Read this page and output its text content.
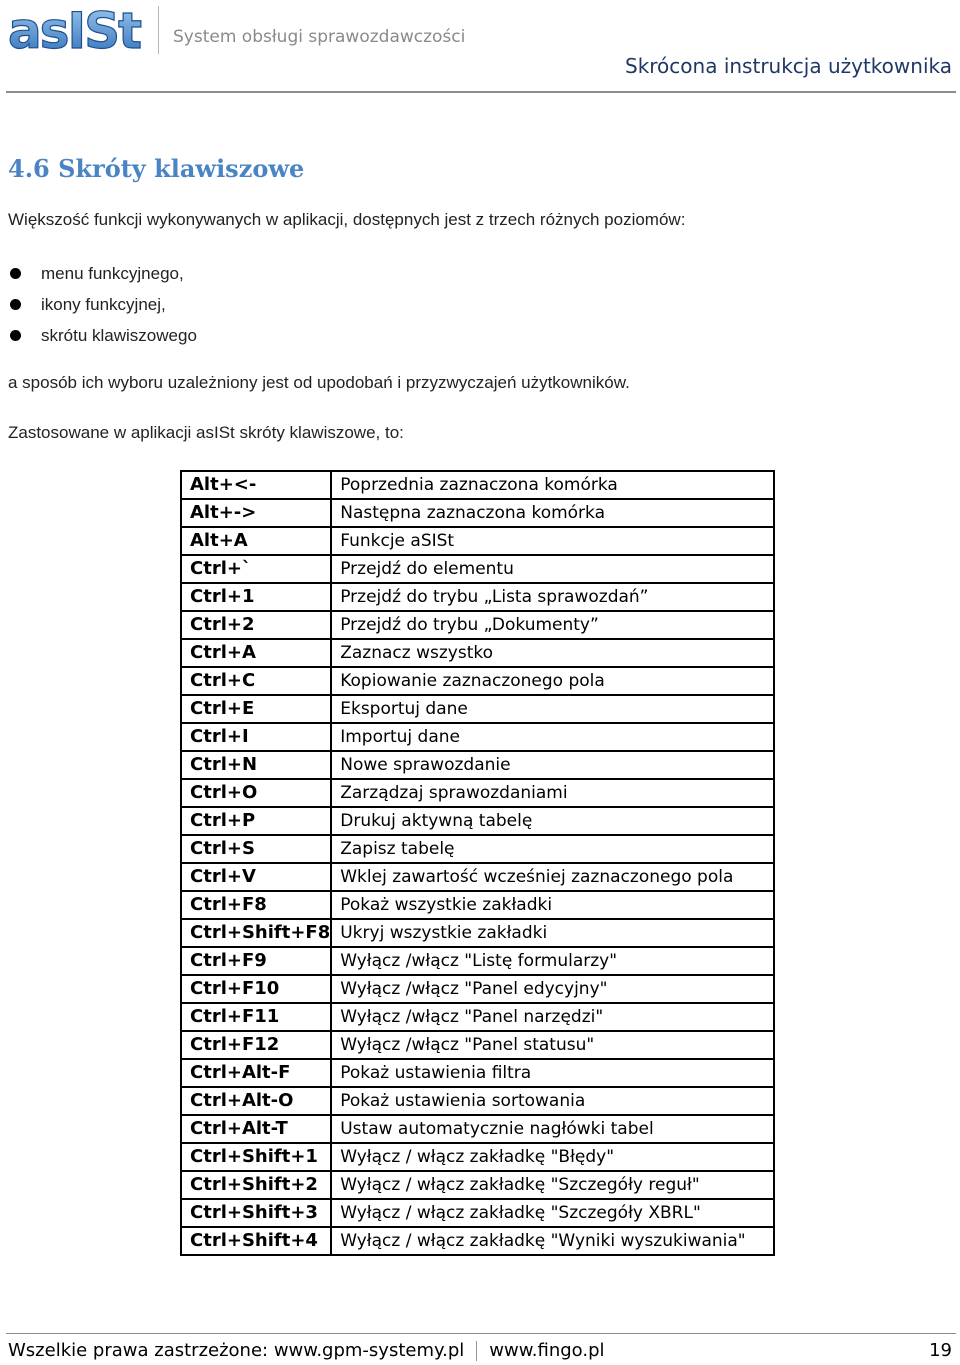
asISt System obsługi sprawozdawczości
Skrócona instrukcja użytkownika
4.6 Skróty klawiszowe
Większość funkcji wykonywanych w aplikacji, dostępnych jest z trzech różnych poziomów:
menu funkcyjnego,
ikony funkcyjnej,
skrótu klawiszowego
a sposób ich wyboru uzależniony jest od upodobań i przyzwyczajeń użytkowników.
Zastosowane w aplikacji asISt skróty klawiszowe, to:
Alt+<-	Poprzednia zaznaczona komórka
Alt+->	Następna zaznaczona komórka
Alt+A	Funkcje aSISt
Ctrl+`	Przejdź do elementu
Ctrl+1	Przejdź do trybu „Lista sprawozdań”
Ctrl+2	Przejdź do trybu „Dokumenty”
Ctrl+A	Zaznacz wszystko
Ctrl+C	Kopiowanie zaznaczonego pola
Ctrl+E	Eksportuj dane
Ctrl+I	Importuj dane
Ctrl+N	Nowe sprawozdanie
Ctrl+O	Zarządzaj sprawozdaniami
Ctrl+P	Drukuj aktywną tabelę
Ctrl+S	Zapisz tabelę
Ctrl+V	Wklej zawartość wcześniej zaznaczonego pola
Ctrl+F8	Pokaż wszystkie zakładki
Ctrl+Shift+F8	Ukryj wszystkie zakładki
Ctrl+F9	Wyłącz /włącz "Listę formularzy"
Ctrl+F10	Wyłącz /włącz "Panel edycyjny"
Ctrl+F11	Wyłącz /włącz "Panel narzędzi"
Ctrl+F12	Wyłącz /włącz "Panel statusu"
Ctrl+Alt-F	Pokaż ustawienia filtra
Ctrl+Alt-O	Pokaż ustawienia sortowania
Ctrl+Alt-T	Ustaw automatycznie nagłówki tabel
Ctrl+Shift+1	Wyłącz / włącz zakładkę "Błędy"
Ctrl+Shift+2	Wyłącz / włącz zakładkę "Szczegóły reguł"
Ctrl+Shift+3	Wyłącz / włącz zakładkę "Szczegóły XBRL"
Ctrl+Shift+4	Wyłącz / włącz zakładkę "Wyniki wyszukiwania"
Wszelkie prawa zastrzeżone: www.gpm-systemy.pl www.fingo.pl	19
